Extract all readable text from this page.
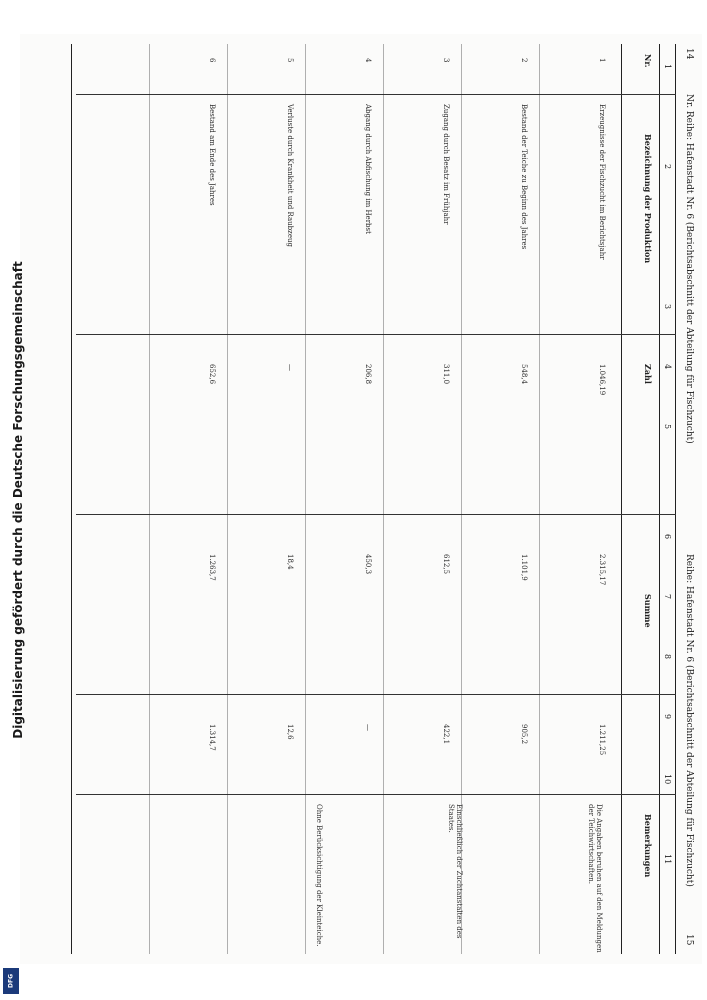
14
Nr. Reihe: Hafenstadt Nr. 6 (Berichtsabschnitt der Abteilung für Fischzucht)
Reihe: Hafenstadt Nr. 6 (Berichtsabschnitt der Abteilung für Fischzucht)
15
1
2
3
4
5
6
7
8
9
10
11
Nr.
Bezeichnung der Produktion
Zahl
Summe
Bemerkungen
1
Erzeugnisse der Fischzucht im Berichtsjahr
1.046,19
2.315,17
1.211,25
2
Bestand der Teiche zu Beginn des Jahres
548,4
1.101,9
905,2
3
Zugang durch Besatz im Frühjahr
311,0
612,5
422,1
4
Abgang durch Abfischung im Herbst
206,8
450,3
—
5
Verluste durch Krankheit und Raubzeug
—
18,4
12,6
6
Bestand am Ende des Jahres
652,6
1.263,7
1.314,7
Die Angaben beruhen auf den Meldungen der Teichwirtschaften.
Einschließlich der Zuchtanstalten des Staates.
Ohne Berücksichtigung der Kleinteiche.
Digitalisierung gefördert durch die Deutsche Forschungsgemeinschaft
DFG
